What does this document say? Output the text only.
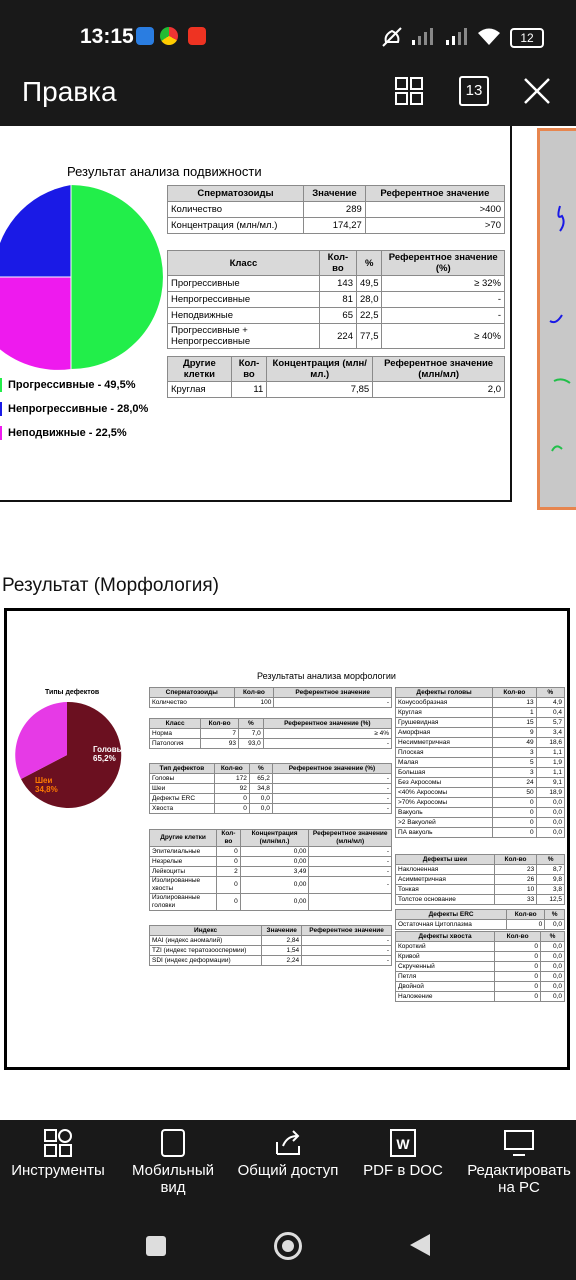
13:15	12
Правка	13
Результат анализа подвижности
Прогрессивные - 49,5%
Непрогрессивные - 28,0%
Неподвижные - 22,5%
Сперматозоиды	Значение	Референтное значение
Количество	289	>400
Концентрация (млн/мл.)	174,27	>70
Класс	Кол-во	%	Референтное значение (%)
Прогрессивные	143	49,5	≥ 32%
Непрогрессивные	81	28,0	-
Неподвижные	65	22,5	-
Прогрессивные + Непрогрессивные	224	77,5	≥ 40%
Другие клетки	Кол-во	Концентрация (млн/мл.)	Референтное значение (млн/мл)
Круглая	11	7,85	2,0
Результат (Морфология)
Результаты анализа морфологии
Типы дефектов
Головы
65,2%
Шеи
34,8%
Сперматозоиды	Кол-во	Референтное значение
Количество	100	-
Класс	Кол-во	%	Референтное значение (%)
Норма	7	7,0	≥ 4%
Патология	93	93,0	-
Тип дефектов	Кол-во	%	Референтное значение (%)
Головы	172	65,2	-
Шеи	92	34,8	-
Дефекты ERC	0	0,0	-
Хвоста	0	0,0	-
Другие клетки	Кол-во	Концентрация (млн/мл.)	Референтное значение (млн/мл)
Эпителиальные	0	0,00	-
Незрелые	0	0,00	-
Лейкоциты	2	3,49	-
Изолированные хвосты	0	0,00	-
Изолированные головки	0	0,00	
Индекс	Значение	Референтное значение
MAI (индекс аномалий)	2,84	-
TZI (индекс тератозооспермии)	1,54	-
SDI (индекс деформации)	2,24	-
Дефекты головы	Кол-во	%
Конусообразная	13	4,9
Круглая	1	0,4
Грушевидная	15	5,7
Аморфная	9	3,4
Несимметричная	49	18,6
Плоская	3	1,1
Малая	5	1,9
Большая	3	1,1
Без Акросомы	24	9,1
<40% Акросомы	50	18,9
>70% Акросомы	0	0,0
Вакуоль	0	0,0
>2 Вакуолей	0	0,0
ПА вакуоль	0	0,0
Дефекты шеи	Кол-во	%
Наклоненная	23	8,7
Асимметричная	26	9,8
Тонкая	10	3,8
Толстое основание	33	12,5
Дефекты ERC	Кол-во	%
Остаточная Цитоплазма	0	0,0
Дефекты хвоста	Кол-во	%
Короткий	0	0,0
Кривой	0	0,0
Скрученный	0	0,0
Петля	0	0,0
Двойной	0	0,0
Наложение	0	0,0
Инструменты	Мобильный вид
Общий доступ
W
PDF в DOC	Редактировать на PC
